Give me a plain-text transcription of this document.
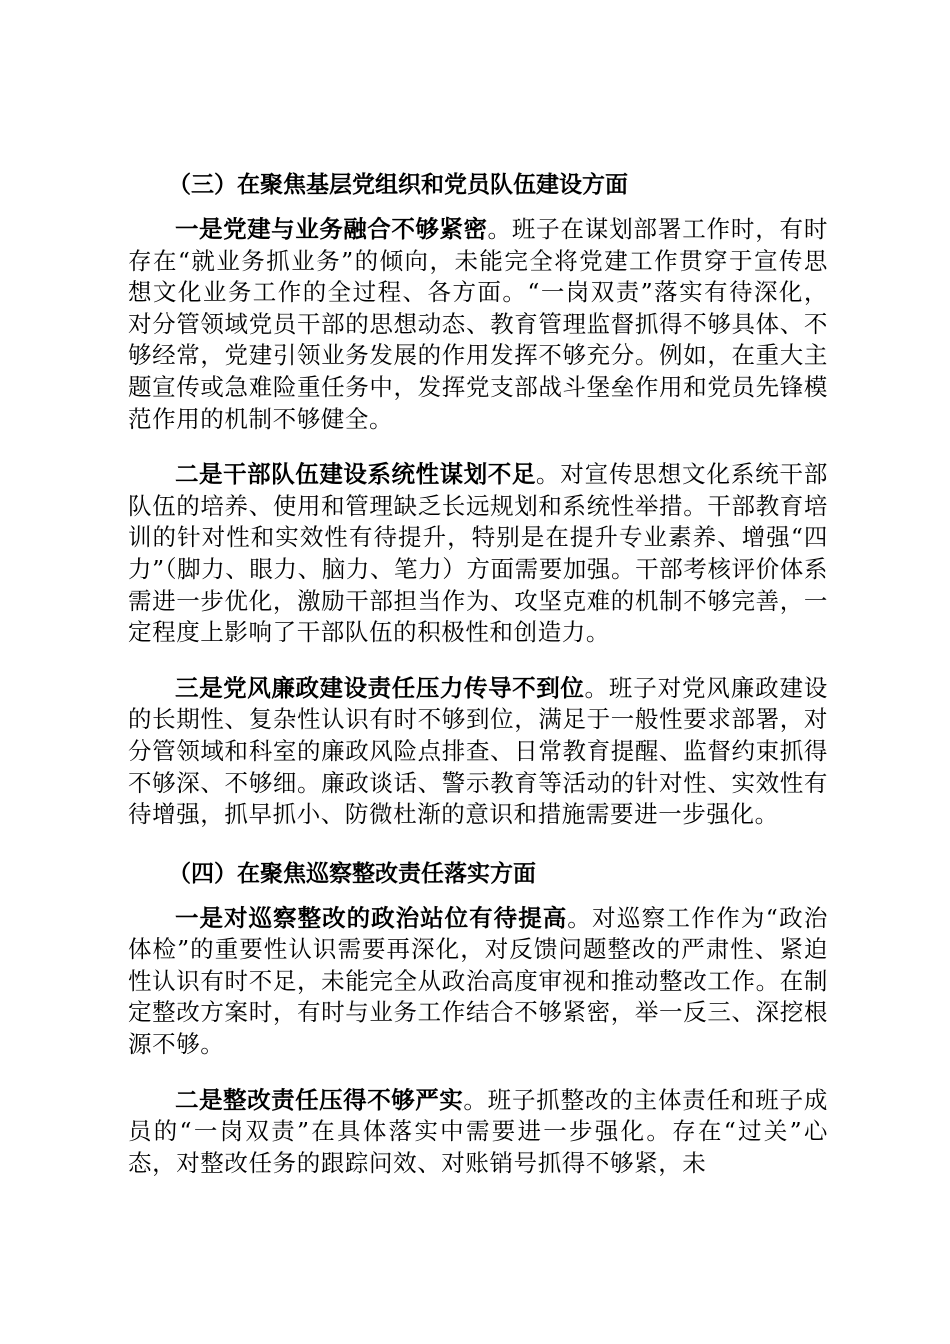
（三）在聚焦基层党组织和党员队伍建设方面

一是党建与业务融合不够紧密。班子在谋划部署工作时，有时存在“就业务抓业务”的倾向，未能完全将党建工作贯穿于宣传思想文化业务工作的全过程、各方面。“一岗双责”落实有待深化，对分管领域党员干部的思想动态、教育管理监督抓得不够具体、不够经常，党建引领业务发展的作用发挥不够充分。例如，在重大主题宣传或急难险重任务中，发挥党支部战斗堡垒作用和党员先锋模范作用的机制不够健全。

二是干部队伍建设系统性谋划不足。对宣传思想文化系统干部队伍的培养、使用和管理缺乏长远规划和系统性举措。干部教育培训的针对性和实效性有待提升，特别是在提升专业素养、增强“四力”（脚力、眼力、脑力、笔力）方面需要加强。干部考核评价体系需进一步优化，激励干部担当作为、攻坚克难的机制不够完善，一定程度上影响了干部队伍的积极性和创造力。

三是党风廉政建设责任压力传导不到位。班子对党风廉政建设的长期性、复杂性认识有时不够到位，满足于一般性要求部署，对分管领域和科室的廉政风险点排查、日常教育提醒、监督约束抓得不够深、不够细。廉政谈话、警示教育等活动的针对性、实效性有待增强，抓早抓小、防微杜渐的意识和措施需要进一步强化。

（四）在聚焦巡察整改责任落实方面

一是对巡察整改的政治站位有待提高。对巡察工作作为“政治体检”的重要性认识需要再深化，对反馈问题整改的严肃性、紧迫性认识有时不足，未能完全从政治高度审视和推动整改工作。在制定整改方案时，有时与业务工作结合不够紧密，举一反三、深挖根源不够。

二是整改责任压得不够严实。班子抓整改的主体责任和班子成员的“一岗双责”在具体落实中需要进一步强化。存在“过关”心态，对整改任务的跟踪问效、对账销号抓得不够紧，未
